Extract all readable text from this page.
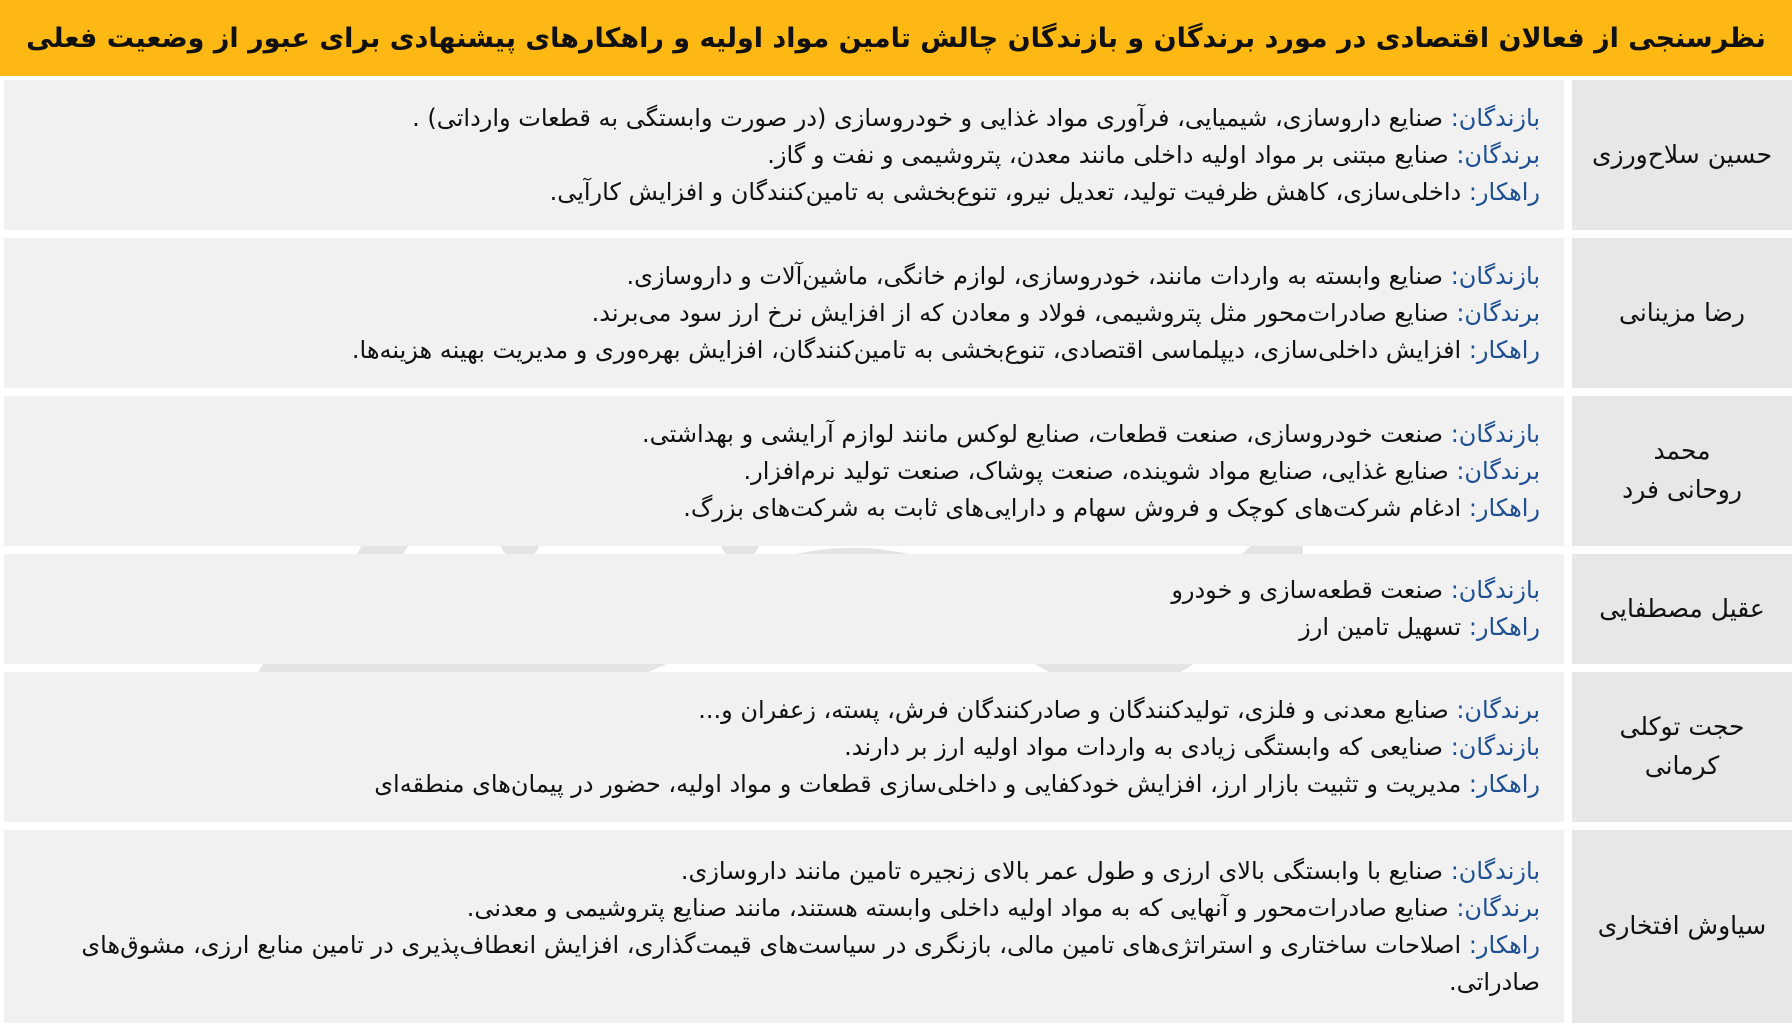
نظرسنجی از فعالان اقتصادی در مورد برندگان و بازندگان چالش تامین مواد اولیه و راهکارهای پیشنهادی برای عبور از وضعیت فعلی
حسین سلاح‌ورزی
بازندگان: صنایع داروسازی، شیمیایی، فرآوری مواد غذایی و خودروسازی (در صورت وابستگی به قطعات وارداتی) .
برندگان: صنایع مبتنی بر مواد اولیه داخلی مانند معدن، پتروشیمی و نفت و گاز.
راهکار: داخلی‌سازی، کاهش ظرفیت تولید، تعدیل نیرو، تنوع‌بخشی به تامین‌کنندگان و افزایش کارآیی.
رضا مزینانی
بازندگان: صنایع وابسته به واردات مانند، خودروسازی، لوازم خانگی، ماشین‌آلات و داروسازی.
برندگان: صنایع صادرات‌محور مثل پتروشیمی، فولاد و معادن که از افزایش نرخ ارز سود می‌برند.
راهکار: افزایش داخلی‌سازی، دیپلماسی اقتصادی، تنوع‌بخشی به تامین‌کنندگان، افزایش بهره‌وری و مدیریت بهینه هزینه‌ها.
محمد
روحانی فرد
بازندگان: صنعت خودروسازی، صنعت قطعات، صنایع لوکس مانند لوازم آرایشی و بهداشتی.
برندگان: صنایع غذایی، صنایع مواد شوینده، صنعت پوشاک، صنعت تولید نرم‌افزار.
راهکار: ادغام شرکت‌های کوچک و فروش سهام و دارایی‌های ثابت به شرکت‌های بزرگ.
عقیل مصطفایی
بازندگان: صنعت قطعه‌سازی و خودرو
راهکار: تسهیل تامین ارز
حجت توکلی
کرمانی
برندگان: صنایع معدنی و فلزی، تولیدکنندگان و صادرکنندگان فرش، پسته، زعفران و...
بازندگان: صنایعی که وابستگی زیادی به واردات مواد اولیه ارز بر دارند.
راهکار: مدیریت و تثبیت بازار ارز، افزایش خودکفایی و داخلی‌سازی قطعات و مواد اولیه، حضور در پیمان‌های منطقه‌ای
سیاوش افتخاری
بازندگان: صنایع با وابستگی بالای ارزی و طول عمر بالای زنجیره تامین مانند داروسازی.
برندگان: صنایع صادرات‌محور و آنهایی که به مواد اولیه داخلی وابسته هستند، مانند صنایع پتروشیمی و معدنی.
راهکار: اصلاحات ساختاری و استراتژی‌های تامین مالی، بازنگری در سیاست‌های قیمت‌گذاری، افزایش انعطاف‌پذیری در تامین منابع ارزی، مشوق‌های صادراتی.
